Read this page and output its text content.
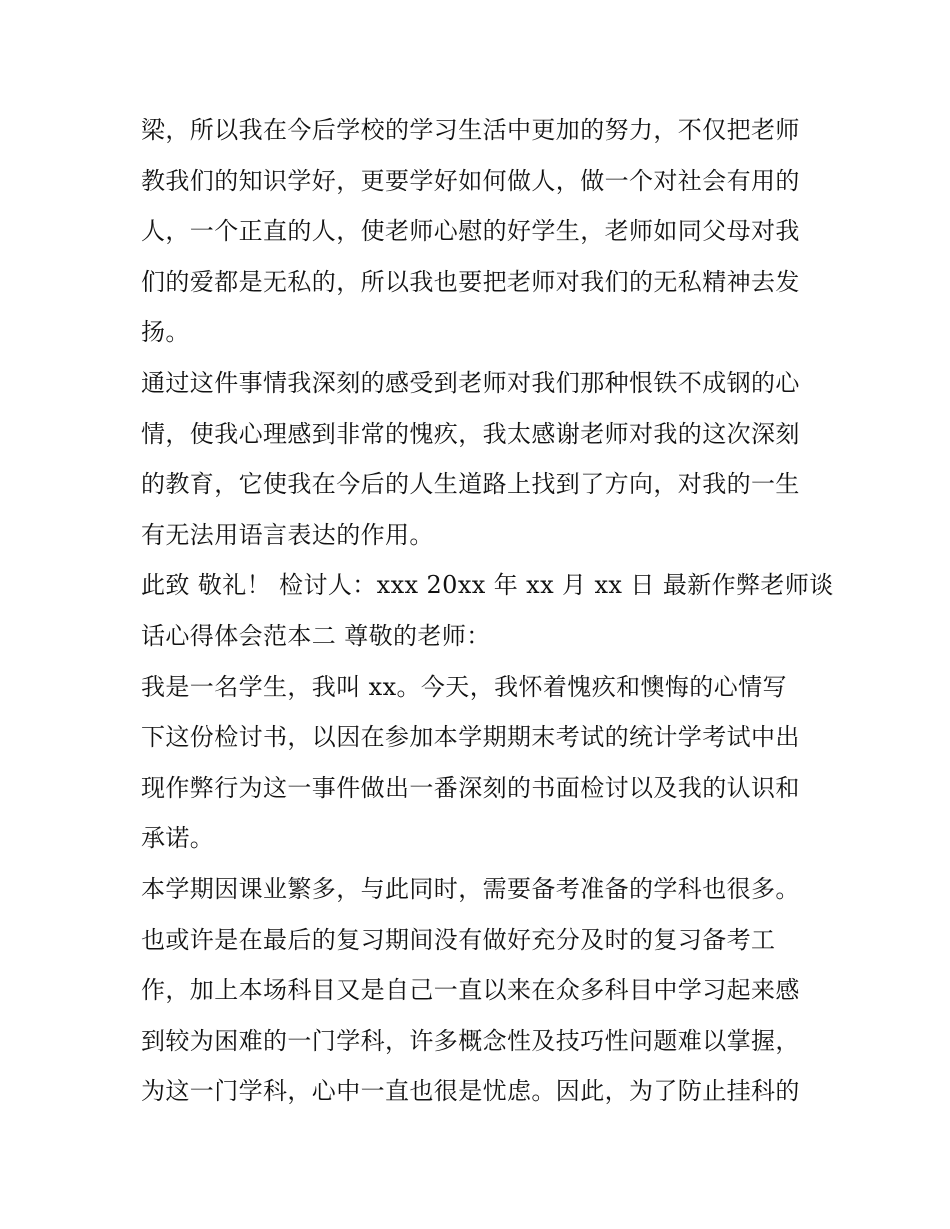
梁，所以我在今后学校的学习生活中更加的努力，不仅把老师
教我们的知识学好，更要学好如何做人，做一个对社会有用的
人，一个正直的人，使老师心慰的好学生，老师如同父母对我
们的爱都是无私的，所以我也要把老师对我们的无私精神去发
扬。
通过这件事情我深刻的感受到老师对我们那种恨铁不成钢的心
情，使我心理感到非常的愧疚，我太感谢老师对我的这次深刻
的教育，它使我在今后的人生道路上找到了方向，对我的一生
有无法用语言表达的作用。
此致 敬礼！ 检讨人：xxx 20xx 年 xx 月 xx 日 最新作弊老师谈
话心得体会范本二 尊敬的老师：
我是一名学生，我叫 xx。今天，我怀着愧疚和懊悔的心情写
下这份检讨书，以因在参加本学期期末考试的统计学考试中出
现作弊行为这一事件做出一番深刻的书面检讨以及我的认识和
承诺。
本学期因课业繁多，与此同时，需要备考准备的学科也很多。
也或许是在最后的复习期间没有做好充分及时的复习备考工
作，加上本场科目又是自己一直以来在众多科目中学习起来感
到较为困难的一门学科，许多概念性及技巧性问题难以掌握，
为这一门学科，心中一直也很是忧虑。因此，为了防止挂科的
